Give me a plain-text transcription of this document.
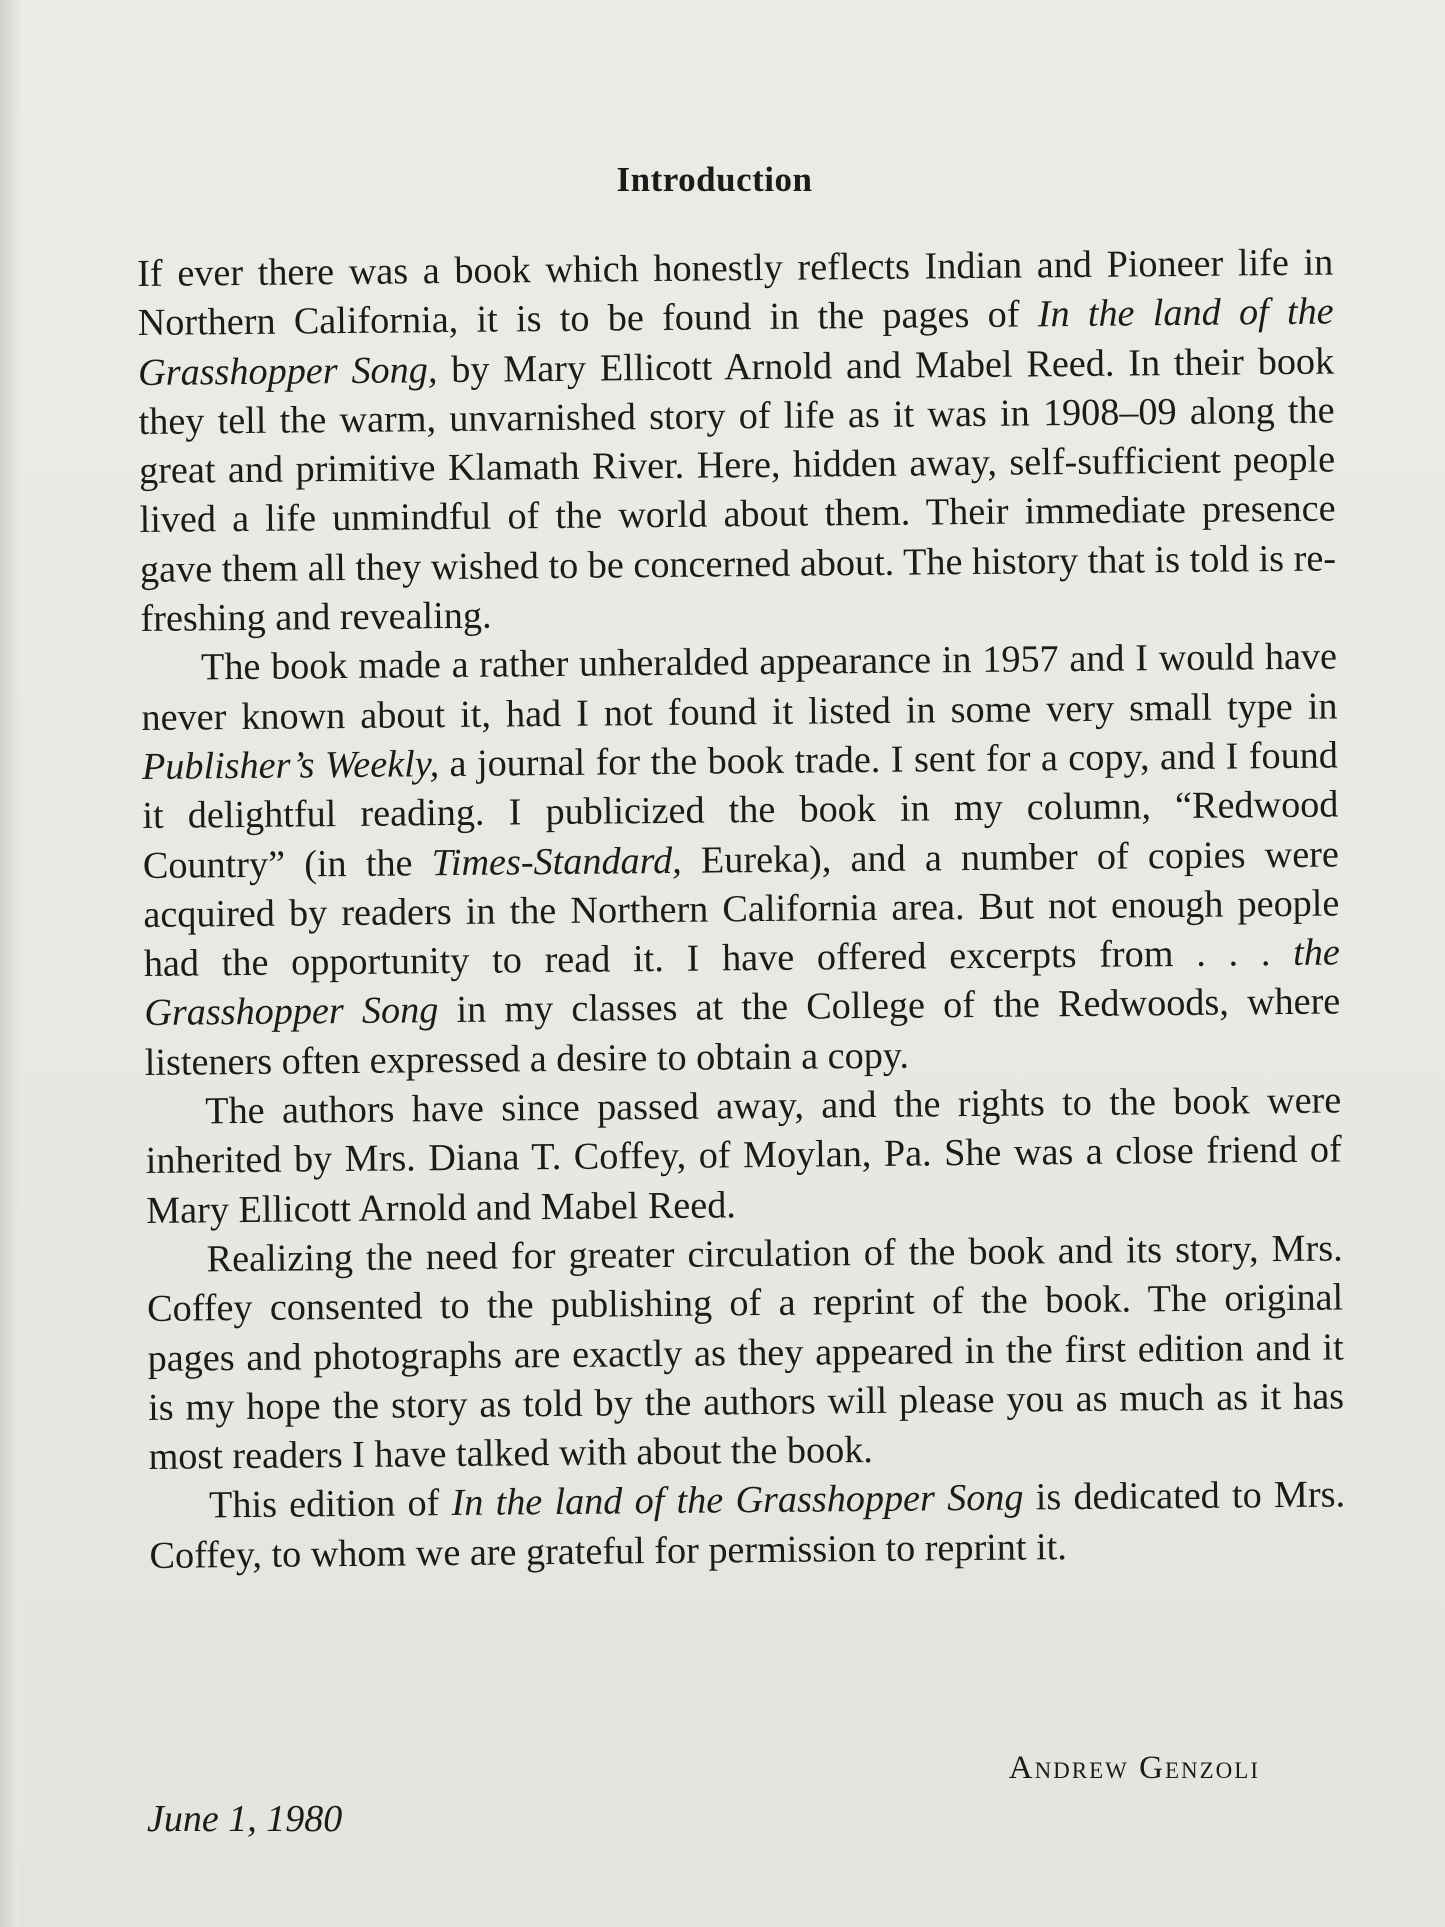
Introduction

If ever there was a book which honestly reflects Indian and Pioneer life in Northern California, it is to be found in the pages of In the land of the Grasshopper Song, by Mary Ellicott Arnold and Mabel Reed. In their book they tell the warm, unvarnished story of life as it was in 1908–09 along the great and primitive Klamath River. Here, hidden away, self-sufficient people lived a life unmindful of the world about them. Their immediate presence gave them all they wished to be concerned about. The history that is told is refreshing and revealing.

The book made a rather unheralded appearance in 1957 and I would have never known about it, had I not found it listed in some very small type in Publisher’s Weekly, a journal for the book trade. I sent for a copy, and I found it delightful reading. I publicized the book in my column, “Redwood Country” (in the Times-Standard, Eureka), and a number of copies were acquired by readers in the Northern California area. But not enough people had the opportunity to read it. I have offered excerpts from . . . the Grasshopper Song in my classes at the College of the Redwoods, where listeners often expressed a desire to obtain a copy.

The authors have since passed away, and the rights to the book were inherited by Mrs. Diana T. Coffey, of Moylan, Pa. She was a close friend of Mary Ellicott Arnold and Mabel Reed.

Realizing the need for greater circulation of the book and its story, Mrs. Coffey consented to the publishing of a reprint of the book. The original pages and photographs are exactly as they appeared in the first edition and it is my hope the story as told by the authors will please you as much as it has most readers I have talked with about the book.

This edition of In the land of the Grasshopper Song is dedicated to Mrs. Coffey, to whom we are grateful for permission to reprint it.

Andrew Genzoli

June 1, 1980
